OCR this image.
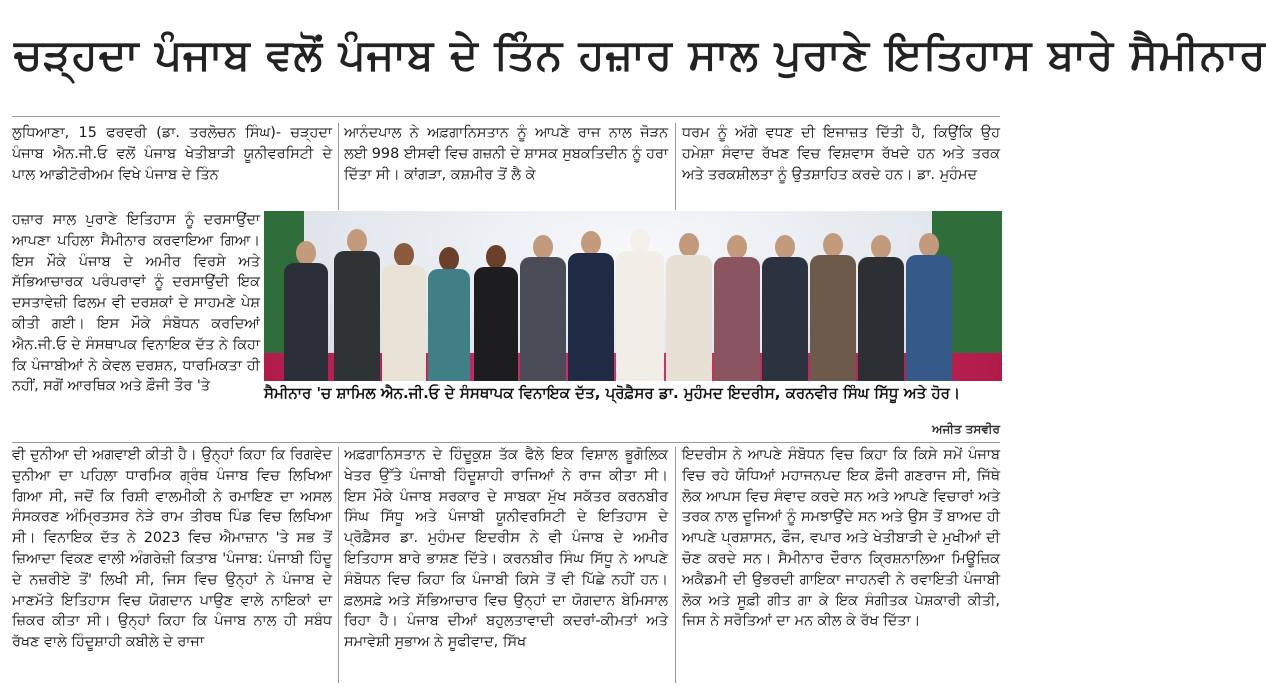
ਚੜ੍ਹਦਾ ਪੰਜਾਬ ਵਲੋਂ ਪੰਜਾਬ ਦੇ ਤਿੰਨ ਹਜ਼ਾਰ ਸਾਲ ਪੁਰਾਣੇ ਇਤਿਹਾਸ ਬਾਰੇ ਸੈਮੀਨਾਰ

ਲੁਧਿਆਣਾ, 15 ਫਰਵਰੀ (ਡਾ. ਤਰਲੋਚਨ ਸਿੰਘ)- ਚੜ੍ਹਦਾ ਪੰਜਾਬ ਐਨ.ਜੀ.ਓ ਵਲੋਂ ਪੰਜਾਬ ਖੇਤੀਬਾੜੀ ਯੂਨੀਵਰਸਿਟੀ ਦੇ ਪਾਲ ਆਡੀਟੋਰੀਅਮ ਵਿਖੇ ਪੰਜਾਬ ਦੇ ਤਿੰਨ

ਆਨੰਦਪਾਲ ਨੇ ਅਫ਼ਗਾਨਿਸਤਾਨ ਨੂੰ ਆਪਣੇ ਰਾਜ ਨਾਲ ਜੋੜਨ ਲਈ 998 ਈਸਵੀ ਵਿਚ ਗਜ਼ਨੀ ਦੇ ਸ਼ਾਸਕ ਸੁਬਕਤਿਦੀਨ ਨੂੰ ਹਰਾ ਦਿੱਤਾ ਸੀ। ਕਾਂਗੜਾ, ਕਸ਼ਮੀਰ ਤੋਂ ਲੈ ਕੇ

ਧਰਮ ਨੂੰ ਅੱਗੇ ਵਧਣ ਦੀ ਇਜਾਜ਼ਤ ਦਿੱਤੀ ਹੈ, ਕਿਉਂਕਿ ਉਹ ਹਮੇਸ਼ਾ ਸੰਵਾਦ ਰੱਖਣ ਵਿਚ ਵਿਸ਼ਵਾਸ ਰੱਖਦੇ ਹਨ ਅਤੇ ਤਰਕ ਅਤੇ ਤਰਕਸ਼ੀਲਤਾ ਨੂੰ ਉਤਸ਼ਾਹਿਤ ਕਰਦੇ ਹਨ। ਡਾ. ਮੁਹੰਮਦ

ਹਜ਼ਾਰ ਸਾਲ ਪੁਰਾਣੇ ਇਤਿਹਾਸ ਨੂੰ ਦਰਸਾਉਂਦਾ ਆਪਣਾ ਪਹਿਲਾ ਸੈਮੀਨਾਰ ਕਰਵਾਇਆ ਗਿਆ। ਇਸ ਮੌਕੇ ਪੰਜਾਬ ਦੇ ਅਮੀਰ ਵਿਰਸੇ ਅਤੇ ਸੱਭਿਆਚਾਰਕ ਪਰੰਪਰਾਵਾਂ ਨੂੰ ਦਰਸਾਉਂਦੀ ਇਕ ਦਸਤਾਵੇਜ਼ੀ ਫਿਲਮ ਵੀ ਦਰਸ਼ਕਾਂ ਦੇ ਸਾਹਮਣੇ ਪੇਸ਼ ਕੀਤੀ ਗਈ। ਇਸ ਮੌਕੇ ਸੰਬੋਧਨ ਕਰਦਿਆਂ ਐਨ.ਜੀ.ਓ ਦੇ ਸੰਸਥਾਪਕ ਵਿਨਾਇਕ ਦੱਤ ਨੇ ਕਿਹਾ ਕਿ ਪੰਜਾਬੀਆਂ ਨੇ ਕੇਵਲ ਦਰਸ਼ਨ, ਧਾਰਮਿਕਤਾ ਹੀ ਨਹੀਂ, ਸਗੋਂ ਆਰਥਿਕ ਅਤੇ ਫ਼ੌਜੀ ਤੌਰ 'ਤੇ	ਸੈਮੀਨਾਰ 'ਚ ਸ਼ਾਮਿਲ ਐਨ.ਜੀ.ਓ ਦੇ ਸੰਸਥਾਪਕ ਵਿਨਾਇਕ ਦੱਤ, ਪ੍ਰੋਫ਼ੈਸਰ ਡਾ. ਮੁਹੰਮਦ ਇਦਰੀਸ, ਕਰਨਵੀਰ ਸਿੰਘ ਸਿੱਧੂ ਅਤੇ ਹੋਰ।
ਅਜੀਤ ਤਸਵੀਰ

ਵੀ ਦੁਨੀਆ ਦੀ ਅਗਵਾਈ ਕੀਤੀ ਹੈ। ਉਨ੍ਹਾਂ ਕਿਹਾ ਕਿ ਰਿਗਵੇਦ ਦੁਨੀਆ ਦਾ ਪਹਿਲਾ ਧਾਰਮਿਕ ਗ੍ਰੰਥ ਪੰਜਾਬ ਵਿਚ ਲਿਖਿਆ ਗਿਆ ਸੀ, ਜਦੋਂ ਕਿ ਰਿਸ਼ੀ ਵਾਲਮੀਕੀ ਨੇ ਰਮਾਇਣ ਦਾ ਅਸਲ ਸੰਸਕਰਣ ਅੰਮ੍ਰਿਤਸਰ ਨੇੜੇ ਰਾਮ ਤੀਰਥ ਪਿੰਡ ਵਿਚ ਲਿਖਿਆ ਸੀ। ਵਿਨਾਇਕ ਦੱਤ ਨੇ 2023 ਵਿਚ ਐਮਾਜ਼ਾਨ 'ਤੇ ਸਭ ਤੋਂ ਜ਼ਿਆਦਾ ਵਿਕਣ ਵਾਲੀ ਅੰਗਰੇਜ਼ੀ ਕਿਤਾਬ 'ਪੰਜਾਬ: ਪੰਜਾਬੀ ਹਿੰਦੂ ਦੇ ਨਜ਼ਰੀਏ ਤੋਂ' ਲਿਖੀ ਸੀ, ਜਿਸ ਵਿਚ ਉਨ੍ਹਾਂ ਨੇ ਪੰਜਾਬ ਦੇ ਮਾਣਮੱਤੇ ਇਤਿਹਾਸ ਵਿਚ ਯੋਗਦਾਨ ਪਾਉਣ ਵਾਲੇ ਨਾਇਕਾਂ ਦਾ ਜ਼ਿਕਰ ਕੀਤਾ ਸੀ। ਉਨ੍ਹਾਂ ਕਿਹਾ ਕਿ ਪੰਜਾਬ ਨਾਲ ਹੀ ਸਬੰਧ ਰੱਖਣ ਵਾਲੇ ਹਿੰਦੂਸ਼ਾਹੀ ਕਬੀਲੇ ਦੇ ਰਾਜਾ

ਅਫ਼ਗਾਨਿਸਤਾਨ ਦੇ ਹਿੰਦੂਕੁਸ਼ ਤੱਕ ਫੈਲੇ ਇਕ ਵਿਸ਼ਾਲ ਭੂਗੋਲਿਕ ਖੇਤਰ ਉੱਤੇ ਪੰਜਾਬੀ ਹਿੰਦੂਸ਼ਾਹੀ ਰਾਜਿਆਂ ਨੇ ਰਾਜ ਕੀਤਾ ਸੀ। ਇਸ ਮੌਕੇ ਪੰਜਾਬ ਸਰਕਾਰ ਦੇ ਸਾਬਕਾ ਮੁੱਖ ਸਕੱਤਰ ਕਰਨਬੀਰ ਸਿੰਘ ਸਿੱਧੂ ਅਤੇ ਪੰਜਾਬੀ ਯੂਨੀਵਰਸਿਟੀ ਦੇ ਇਤਿਹਾਸ ਦੇ ਪ੍ਰੋਫ਼ੈਸਰ ਡਾ. ਮੁਹੰਮਦ ਇਦਰੀਸ ਨੇ ਵੀ ਪੰਜਾਬ ਦੇ ਅਮੀਰ ਇਤਿਹਾਸ ਬਾਰੇ ਭਾਸ਼ਣ ਦਿੱਤੇ। ਕਰਨਬੀਰ ਸਿੰਘ ਸਿੱਧੂ ਨੇ ਆਪਣੇ ਸੰਬੋਧਨ ਵਿਚ ਕਿਹਾ ਕਿ ਪੰਜਾਬੀ ਕਿਸੇ ਤੋਂ ਵੀ ਪਿੱਛੇ ਨਹੀਂ ਹਨ। ਫ਼ਲਸਫ਼ੇ ਅਤੇ ਸੱਭਿਆਚਾਰ ਵਿਚ ਉਨ੍ਹਾਂ ਦਾ ਯੋਗਦਾਨ ਬੇਮਿਸਾਲ ਰਿਹਾ ਹੈ। ਪੰਜਾਬ ਦੀਆਂ ਬਹੁਲਤਾਵਾਦੀ ਕਦਰਾਂ-ਕੀਮਤਾਂ ਅਤੇ ਸਮਾਵੇਸ਼ੀ ਸੁਭਾਅ ਨੇ ਸੂਫੀਵਾਦ, ਸਿੱਖ

ਇਦਰੀਸ ਨੇ ਆਪਣੇ ਸੰਬੋਧਨ ਵਿਚ ਕਿਹਾ ਕਿ ਕਿਸੇ ਸਮੇਂ ਪੰਜਾਬ ਵਿਚ ਰਹੇ ਯੋਧਿਆਂ ਮਹਾਜਨਪਦ ਇਕ ਫ਼ੌਜੀ ਗਣਰਾਜ ਸੀ, ਜਿੱਥੇ ਲੋਕ ਆਪਸ ਵਿਚ ਸੰਵਾਦ ਕਰਦੇ ਸਨ ਅਤੇ ਆਪਣੇ ਵਿਚਾਰਾਂ ਅਤੇ ਤਰਕ ਨਾਲ ਦੂਜਿਆਂ ਨੂੰ ਸਮਝਾਉਂਦੇ ਸਨ ਅਤੇ ਉਸ ਤੋਂ ਬਾਅਦ ਹੀ ਆਪਣੇ ਪ੍ਰਸ਼ਾਸਨ, ਫੌਜ, ਵਪਾਰ ਅਤੇ ਖੇਤੀਬਾੜੀ ਦੇ ਮੁਖੀਆਂ ਦੀ ਚੋਣ ਕਰਦੇ ਸਨ। ਸੈਮੀਨਾਰ ਦੌਰਾਨ ਕ੍ਰਿਸ਼ਨਾਲਿਆ ਮਿਊਜ਼ਿਕ ਅਕੈਡਮੀ ਦੀ ਉਭਰਦੀ ਗਾਇਕਾ ਜਾਹਨਵੀ ਨੇ ਰਵਾਇਤੀ ਪੰਜਾਬੀ ਲੋਕ ਅਤੇ ਸੂਫ਼ੀ ਗੀਤ ਗਾ ਕੇ ਇਕ ਸੰਗੀਤਕ ਪੇਸ਼ਕਾਰੀ ਕੀਤੀ, ਜਿਸ ਨੇ ਸਰੋਤਿਆਂ ਦਾ ਮਨ ਕੀਲ ਕੇ ਰੱਖ ਦਿੱਤਾ।
